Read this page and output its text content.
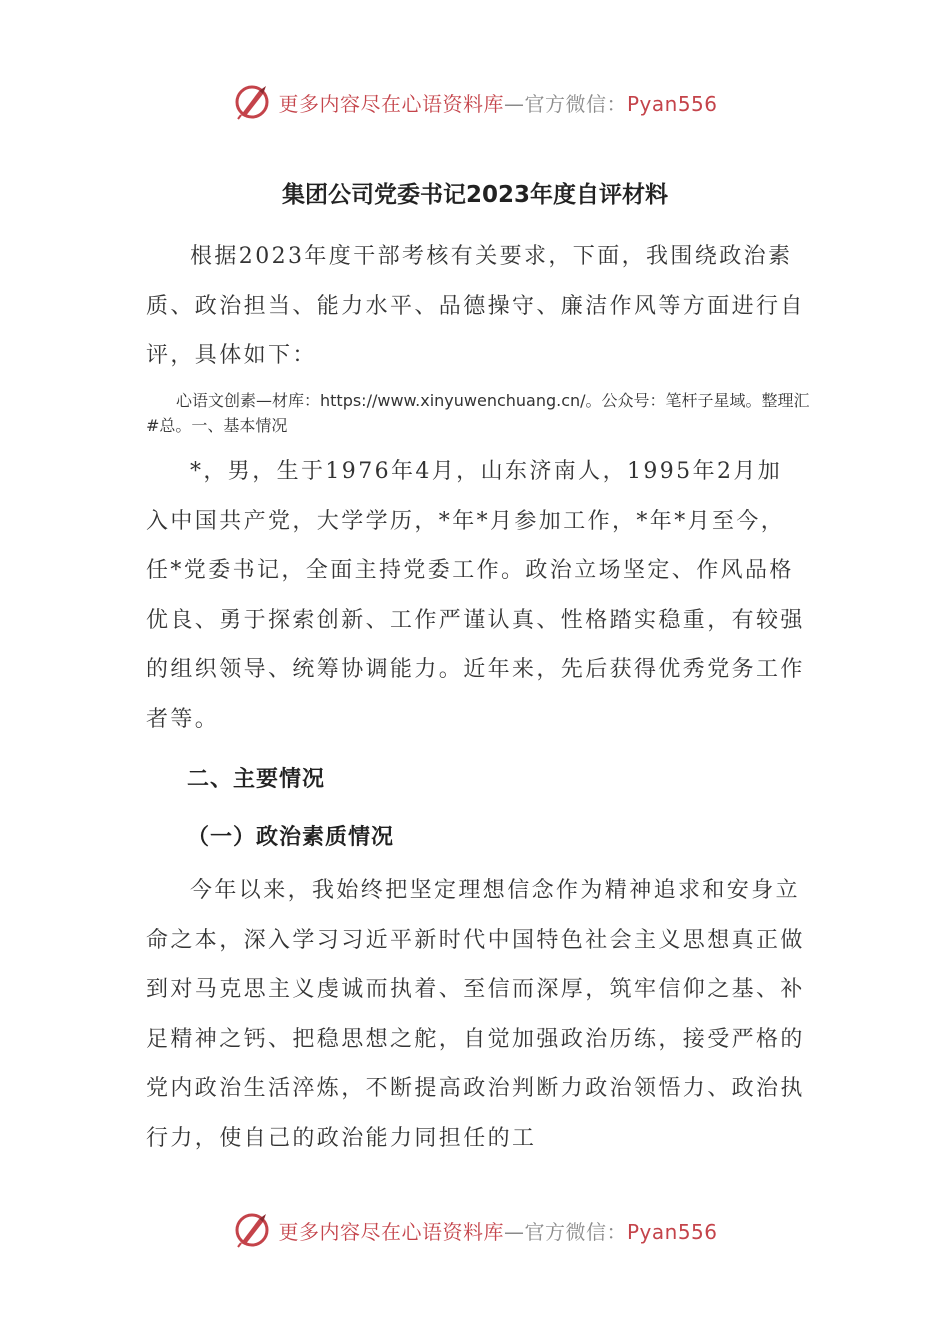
更多内容尽在心语资料库—官方微信：Pyan556
集团公司党委书记2023年度自评材料

根据2023年度干部考核有关要求，下面，我围绕政治素质、政治担当、能力水平、品德操守、廉洁作风等方面进行自评，具体如下：

心语文创素—材库：https://www.xinyuwenchuang.cn/。公众号：笔杆子星域。整理汇#总。一、基本情况

*，男，生于1976年4月，山东济南人，1995年2月加入中国共产党，大学学历，*年*月参加工作，*年*月至今，任*党委书记，全面主持党委工作。政治立场坚定、作风品格优良、勇于探索创新、工作严谨认真、性格踏实稳重，有较强的组织领导、统筹协调能力。近年来，先后获得优秀党务工作者等。

二、主要情况
（一）政治素质情况

今年以来，我始终把坚定理想信念作为精神追求和安身立命之本，深入学习习近平新时代中国特色社会主义思想真正做到对马克思主义虔诚而执着、至信而深厚，筑牢信仰之基、补足精神之钙、把稳思想之舵，自觉加强政治历练，接受严格的党内政治生活淬炼，不断提高政治判断力政治领悟力、政治执行力，使自己的政治能力同担任的工

更多内容尽在心语资料库—官方微信：Pyan556
